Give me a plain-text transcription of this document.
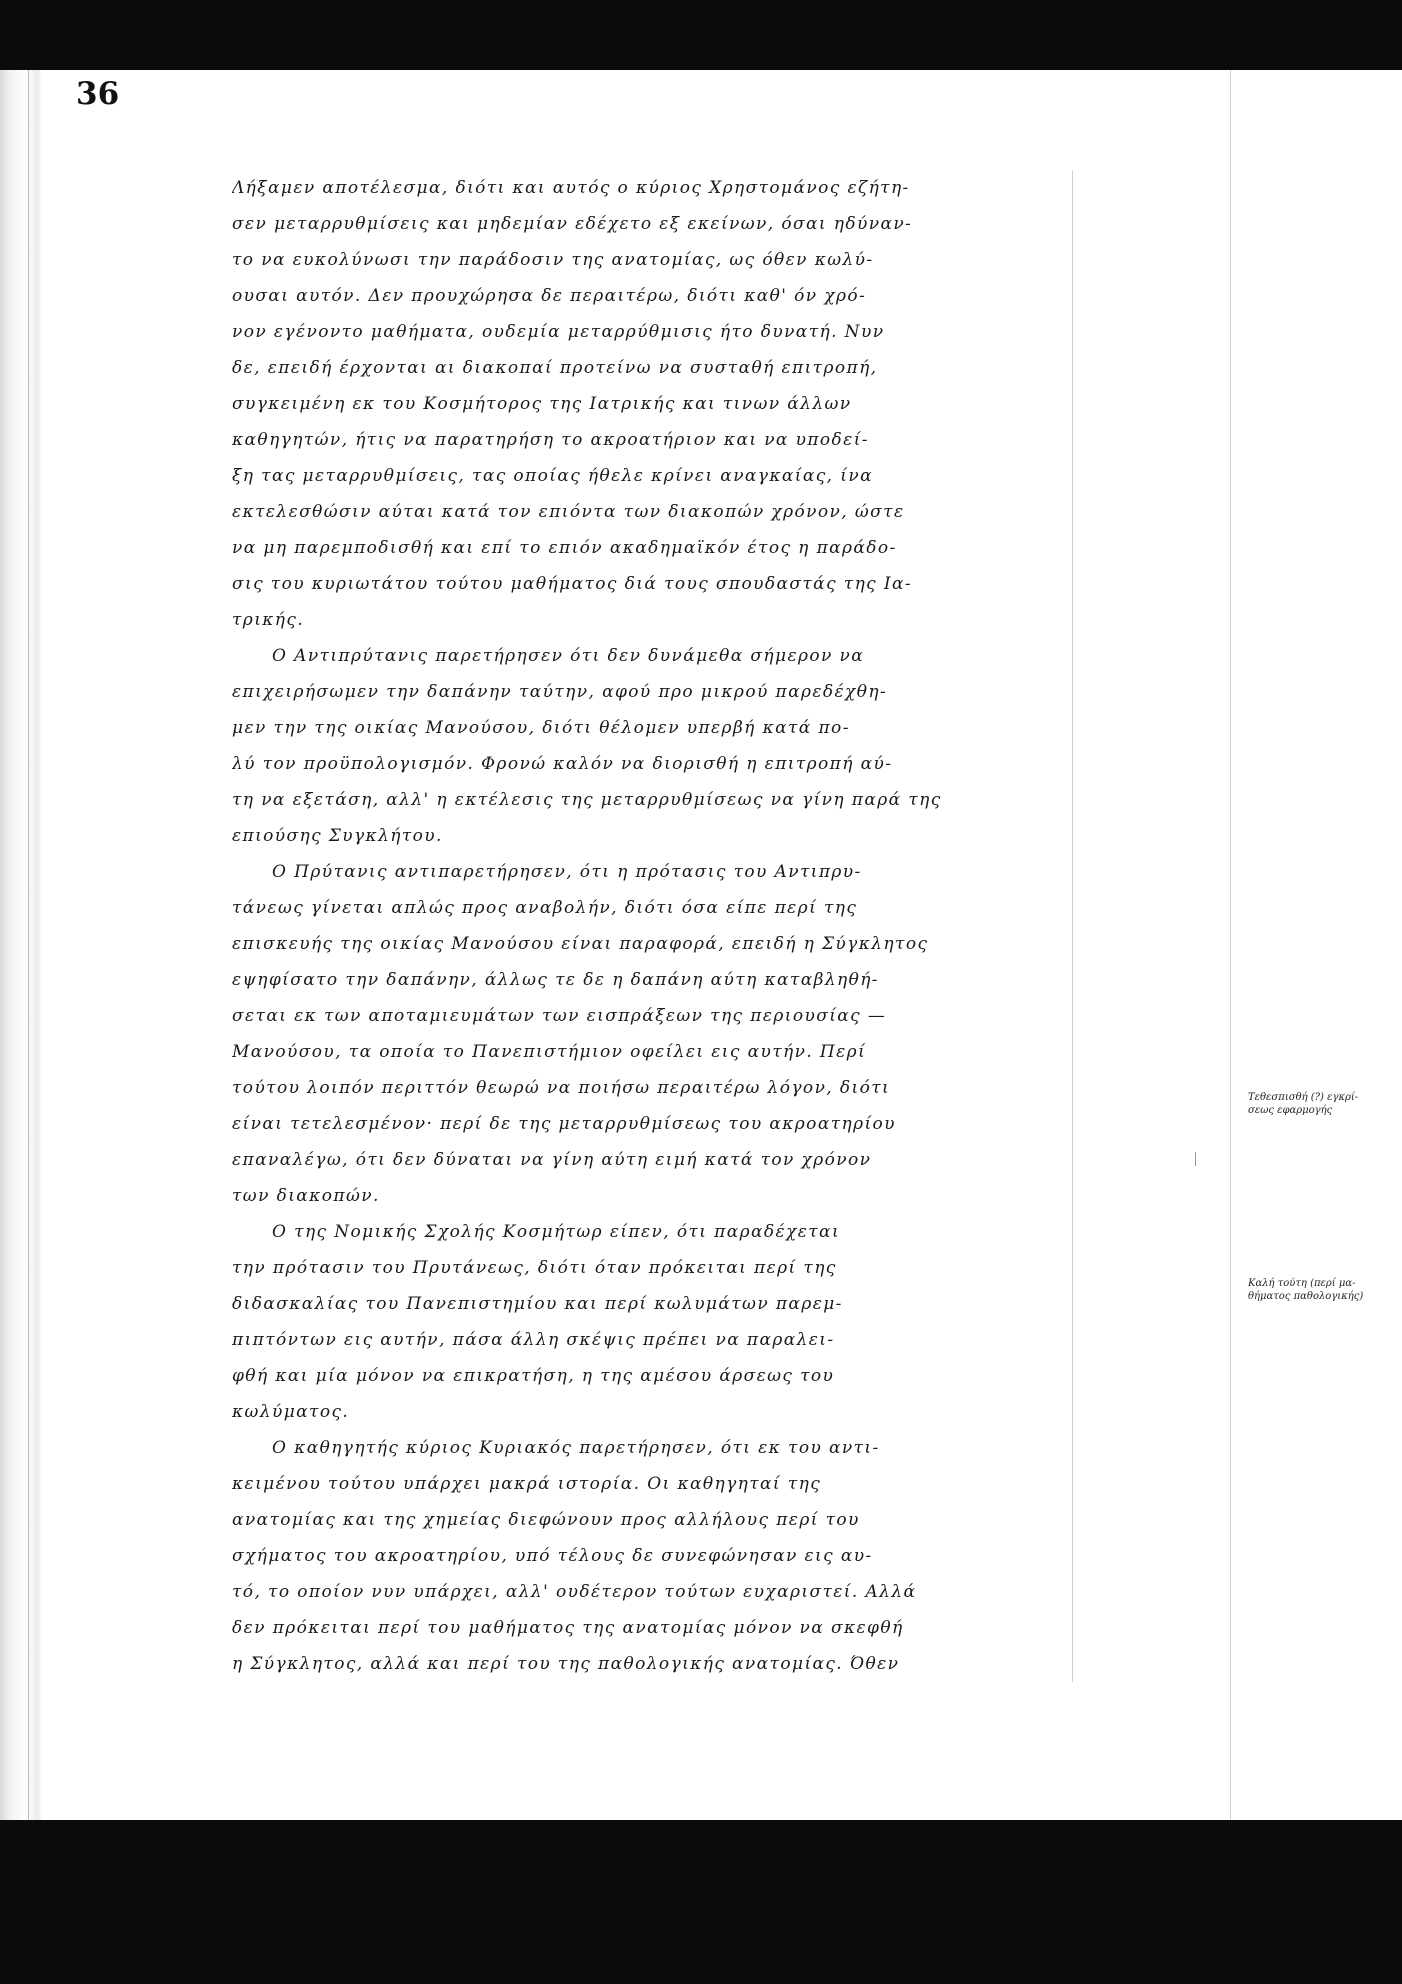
36
Λήξαμεν αποτέλεσμα, διότι και αυτός ο κύριος Χρηστομάνος εζήτη-
σεν μεταρρυθμίσεις και μηδεμίαν εδέχετο εξ εκείνων, όσαι ηδύναν-
το να ευκολύνωσι την παράδοσιν της ανατομίας, ως όθεν κωλύ-
ουσαι αυτόν. Δεν προυχώρησα δε περαιτέρω, διότι καθ' όν χρό-
νον εγένοντο μαθήματα, ουδεμία μεταρρύθμισις ήτο δυνατή. Νυν
δε, επειδή έρχονται αι διακοπαί προτείνω να συσταθή επιτροπή,
συγκειμένη εκ του Κοσμήτορος της Ιατρικής και τινων άλλων
καθηγητών, ήτις να παρατηρήση το ακροατήριον και να υποδεί-
ξη τας μεταρρυθμίσεις, τας οποίας ήθελε κρίνει αναγκαίας, ίνα
εκτελεσθώσιν αύται κατά τον επιόντα των διακοπών χρόνον, ώστε
να μη παρεμποδισθή και επί το επιόν ακαδημαϊκόν έτος η παράδο-
σις του κυριωτάτου τούτου μαθήματος διά τους σπουδαστάς της Ια-
τρικής.
Ο Αντιπρύτανις παρετήρησεν ότι δεν δυνάμεθα σήμερον να
επιχειρήσωμεν την δαπάνην ταύτην, αφού προ μικρού παρεδέχθη-
μεν την της οικίας Μανούσου, διότι θέλομεν υπερβή κατά πο-
λύ τον προϋπολογισμόν. Φρονώ καλόν να διορισθή η επιτροπή αύ-
τη να εξετάση, αλλ' η εκτέλεσις της μεταρρυθμίσεως να γίνη παρά της
επιούσης Συγκλήτου.
Ο Πρύτανις αντιπαρετήρησεν, ότι η πρότασις του Αντιπρυ-
τάνεως γίνεται απλώς προς αναβολήν, διότι όσα είπε περί της
επισκευής της οικίας Μανούσου είναι παραφορά, επειδή η Σύγκλητος
εψηφίσατο την δαπάνην, άλλως τε δε η δαπάνη αύτη καταβληθή-
σεται εκ των αποταμιευμάτων των εισπράξεων της περιουσίας —
Μανούσου, τα οποία το Πανεπιστήμιον οφείλει εις αυτήν. Περί
τούτου λοιπόν περιττόν θεωρώ να ποιήσω περαιτέρω λόγον, διότι
είναι τετελεσμένον· περί δε της μεταρρυθμίσεως του ακροατηρίου
επαναλέγω, ότι δεν δύναται να γίνη αύτη ειμή κατά τον χρόνον
των διακοπών.
Ο της Νομικής Σχολής Κοσμήτωρ είπεν, ότι παραδέχεται
την πρότασιν του Πρυτάνεως, διότι όταν πρόκειται περί της
διδασκαλίας του Πανεπιστημίου και περί κωλυμάτων παρεμ-
πιπτόντων εις αυτήν, πάσα άλλη σκέψις πρέπει να παραλει-
φθή και μία μόνον να επικρατήση, η της αμέσου άρσεως του
κωλύματος.
Ο καθηγητής κύριος Κυριακός παρετήρησεν, ότι εκ του αντι-
κειμένου τούτου υπάρχει μακρά ιστορία. Οι καθηγηταί της
ανατομίας και της χημείας διεφώνουν προς αλλήλους περί του
σχήματος του ακροατηρίου, υπό τέλους δε συνεφώνησαν εις αυ-
τό, το οποίον νυν υπάρχει, αλλ' ουδέτερον τούτων ευχαριστεί. Αλλά
δεν πρόκειται περί του μαθήματος της ανατομίας μόνον να σκεφθή
η Σύγκλητος, αλλά και περί του της παθολογικής ανατομίας. Όθεν
Τεθεσπισθή (?) εγκρί-
σεως εφαρμογής
Καλή τούτη (περί μα-
θήματος παθολογικής)
